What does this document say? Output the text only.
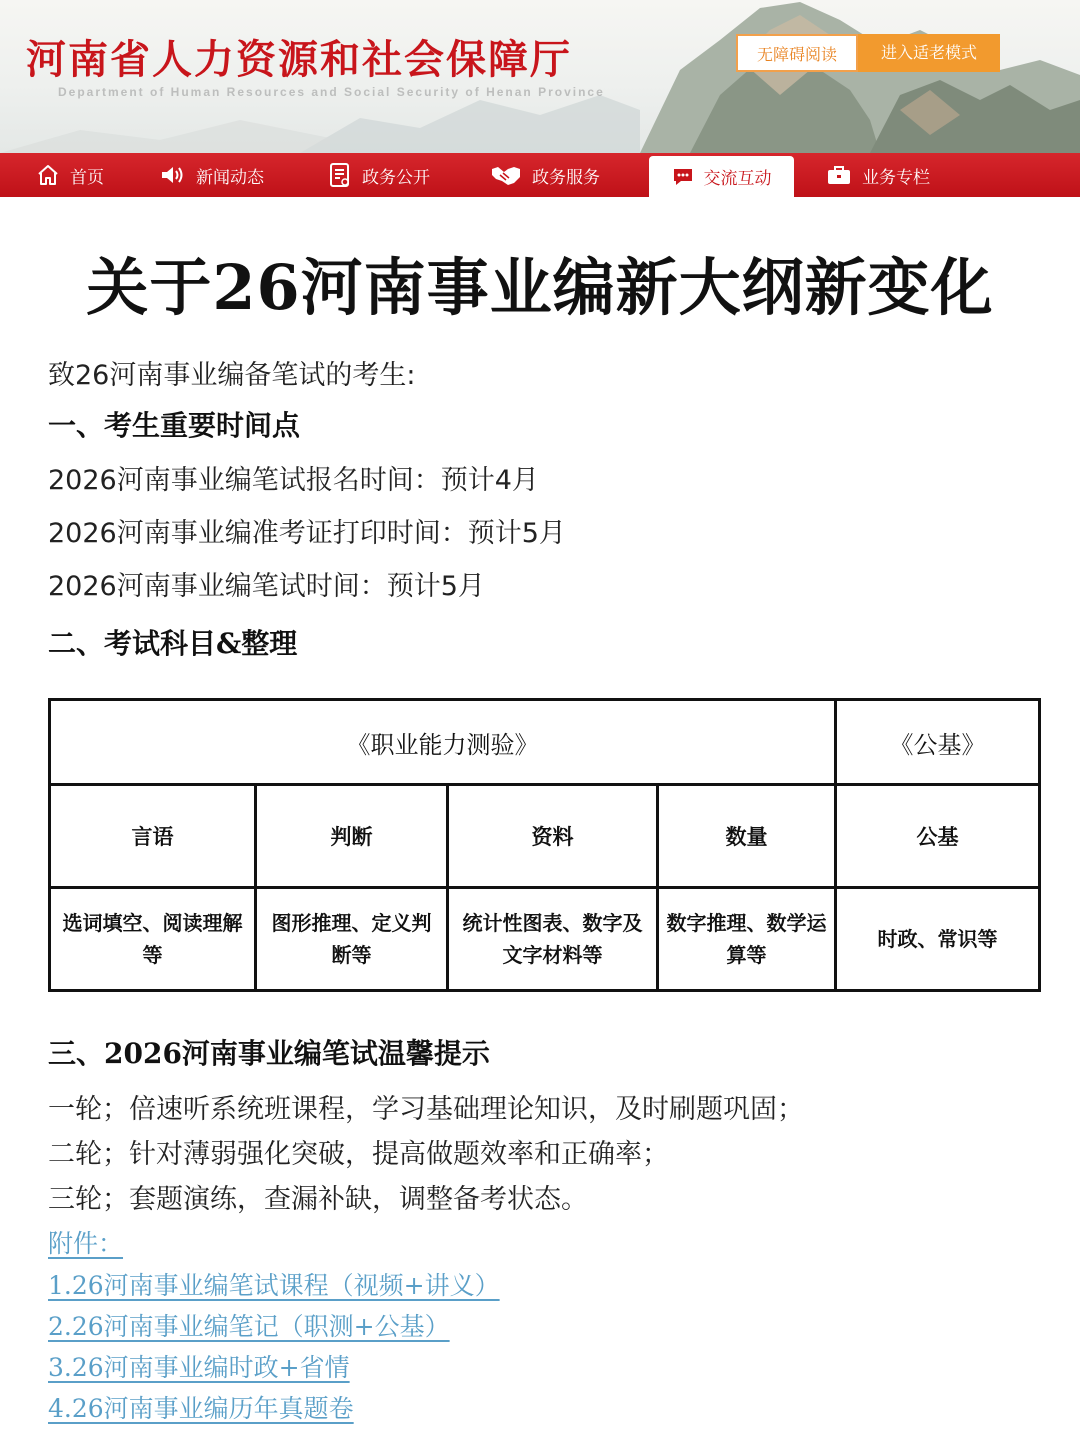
河南省人力资源和社会保障厅

Department of Human Resources and Social Security of Henan Province

无障碍阅读	进入适老模式
首页	新闻动态	政务公开	政务服务	交流互动	业务专栏
关于26河南事业编新大纲新变化

致26河南事业编备笔试的考生:

一、考生重要时间点

2026河南事业编笔试报名时间：预计4月

2026河南事业编准考证打印时间：预计5月

2026河南事业编笔试时间：预计5月

二、考试科目&整理

《职业能力测验》				《公基》
言语	判断	资料	数量	公基
选词填空、阅读理解等	图形推理、定义判断等	统计性图表、数字及文字材料等	数字推理、数学运算等	时政、常识等

三、2026河南事业编笔试温馨提示

一轮；倍速听系统班课程，学习基础理论知识，及时刷题巩固；

二轮；针对薄弱强化突破，提高做题效率和正确率；

三轮；套题演练，查漏补缺，调整备考状态。

附件：

1.26河南事业编笔试课程（视频+讲义）

2.26河南事业编笔记（职测+公基）

3.26河南事业编时政+省情

4.26河南事业编历年真题卷
